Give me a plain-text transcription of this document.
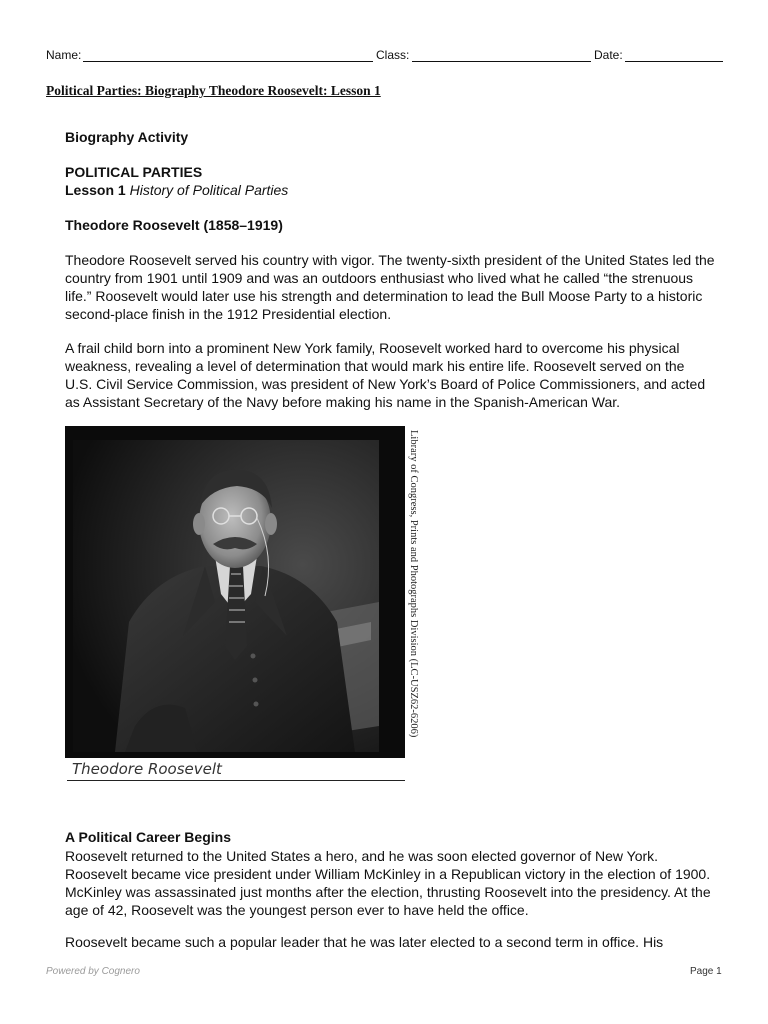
Name:	Class:	Date:
Political Parties: Biography Theodore Roosevelt: Lesson 1
Biography Activity
POLITICAL PARTIES
Lesson 1 History of Political Parties
Theodore Roosevelt (1858–1919)
Theodore Roosevelt served his country with vigor. The twenty-sixth president of the United States led the country from 1901 until 1909 and was an outdoors enthusiast who lived what he called “the strenuous life.” Roosevelt would later use his strength and determination to lead the Bull Moose Party to a historic second-place finish in the 1912 Presidential election.
A frail child born into a prominent New York family, Roosevelt worked hard to overcome his physical weakness, revealing a level of determination that would mark his entire life. Roosevelt served on the U.S. Civil Service Commission, was president of New York’s Board of Police Commissioners, and acted as Assistant Secretary of the Navy before making his name in the Spanish-American War.
Library of Congress, Prints and Photographs Division (LC-USZ62-6206)
Theodore Roosevelt
A Political Career Begins
Roosevelt returned to the United States a hero, and he was soon elected governor of New York. Roosevelt became vice president under William McKinley in a Republican victory in the election of 1900. McKinley was assassinated just months after the election, thrusting Roosevelt into the presidency. At the age of 42, Roosevelt was the youngest person ever to have held the office.
Roosevelt became such a popular leader that he was later elected to a second term in office. His
Powered by Cognero	Page 1
